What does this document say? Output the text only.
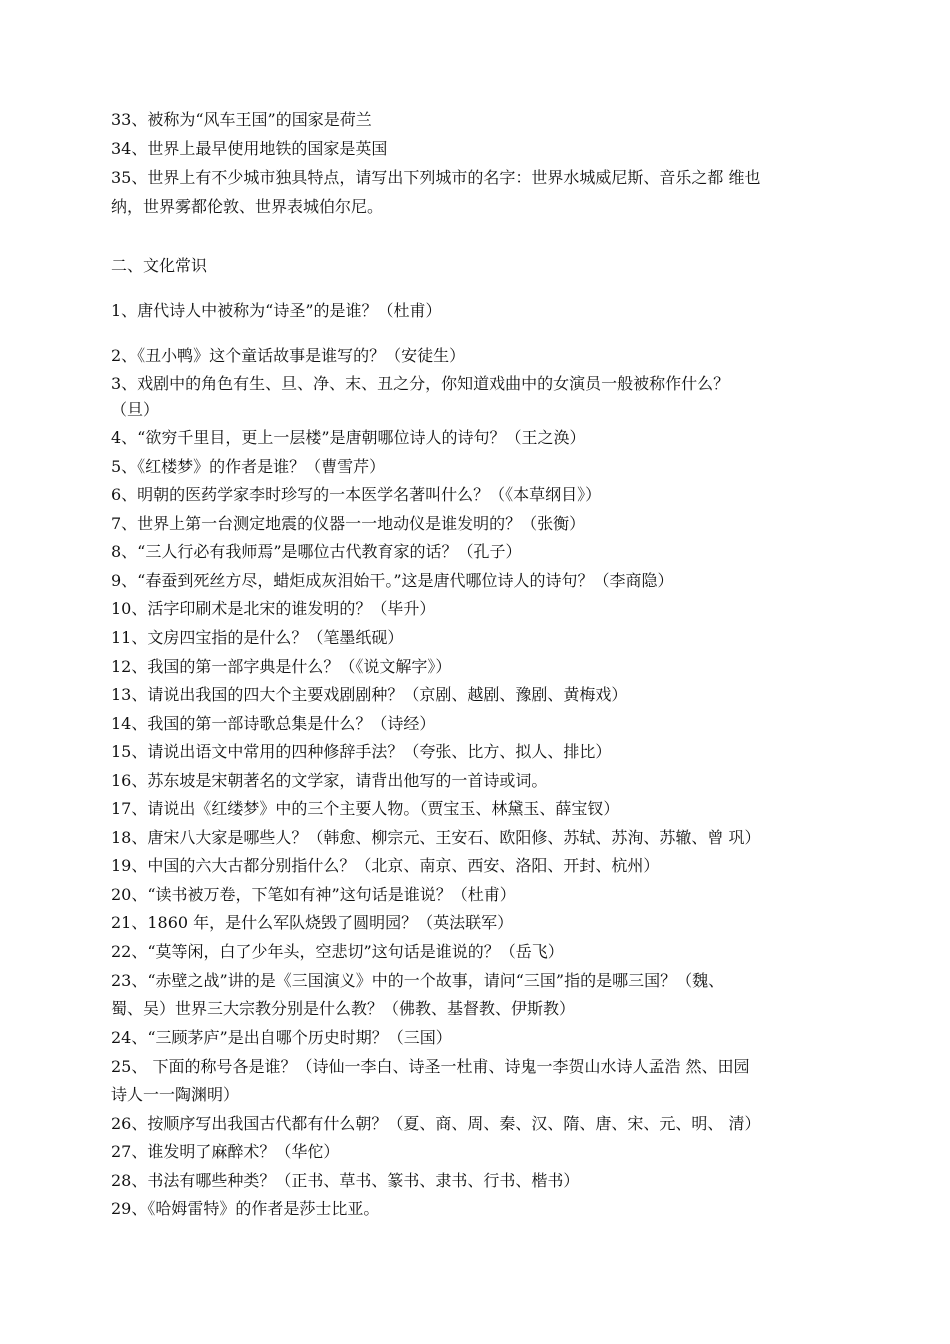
33、被称为“风车王国”的国家是荷兰
34、世界上最早使用地铁的国家是英国
35、世界上有不少城市独具特点，请写出下列城市的名字：世界水城威尼斯、音乐之都 维也
纳，世界雾都伦敦、世界表城伯尔尼。
二、文化常识
1、唐代诗人中被称为“诗圣”的是谁？（杜甫）
2、《丑小鸭》这个童话故事是谁写的？（安徒生）
3、戏剧中的角色有生、旦、净、末、丑之分，你知道戏曲中的女演员一般被称作什么？
（旦）
4、“欲穷千里目，更上一层楼”是唐朝哪位诗人的诗句？（王之涣）
5、《红楼梦》的作者是谁？（曹雪芹）
6、明朝的医药学家李时珍写的一本医学名著叫什么？（《本草纲目》）
7、世界上第一台测定地震的仪器一一地动仪是谁发明的？（张衡）
8、“三人行必有我师焉”是哪位古代教育家的话？（孔子）
9、“春蚕到死丝方尽，蜡炬成灰泪始干。”这是唐代哪位诗人的诗句？（李商隐）
10、活字印刷术是北宋的谁发明的？（毕升）
11、文房四宝指的是什么？（笔墨纸砚）
12、我国的第一部字典是什么？（《说文解字》）
13、请说出我国的四大个主要戏剧剧种？（京剧、越剧、豫剧、黄梅戏）
14、我国的第一部诗歌总集是什么？（诗经）
15、请说出语文中常用的四种修辞手法？（夸张、比方、拟人、排比）
16、苏东坡是宋朝著名的文学家，请背出他写的一首诗或词。
17、请说出《红缕梦》中的三个主要人物。（贾宝玉、林黛玉、薛宝钗）
18、唐宋八大家是哪些人？（韩愈、柳宗元、王安石、欧阳修、苏轼、苏洵、苏辙、曾 巩）
19、中国的六大古都分别指什么？（北京、南京、西安、洛阳、开封、杭州）
20、“读书被万卷，下笔如有神”这句话是谁说？（杜甫）
21、1860 年，是什么军队烧毁了圆明园？（英法联军）
22、“莫等闲，白了少年头，空悲切”这句话是谁说的？（岳飞）
23、“赤壁之战”讲的是《三国演义》中的一个故事，请问“三国”指的是哪三国？（魏、
蜀、吴）世界三大宗教分别是什么教？（佛教、基督教、伊斯教）
24、“三顾茅庐”是出自哪个历史时期？（三国）
25、 下面的称号各是谁？（诗仙一李白、诗圣一杜甫、诗鬼一李贺山水诗人孟浩 然、田园
诗人一一陶渊明）
26、按顺序写出我国古代都有什么朝？（夏、商、周、秦、汉、隋、唐、宋、元、明、 清）
27、谁发明了麻醉术？（华佗）
28、书法有哪些种类？（正书、草书、篆书、隶书、行书、楷书）
29、《哈姆雷特》的作者是莎士比亚。
